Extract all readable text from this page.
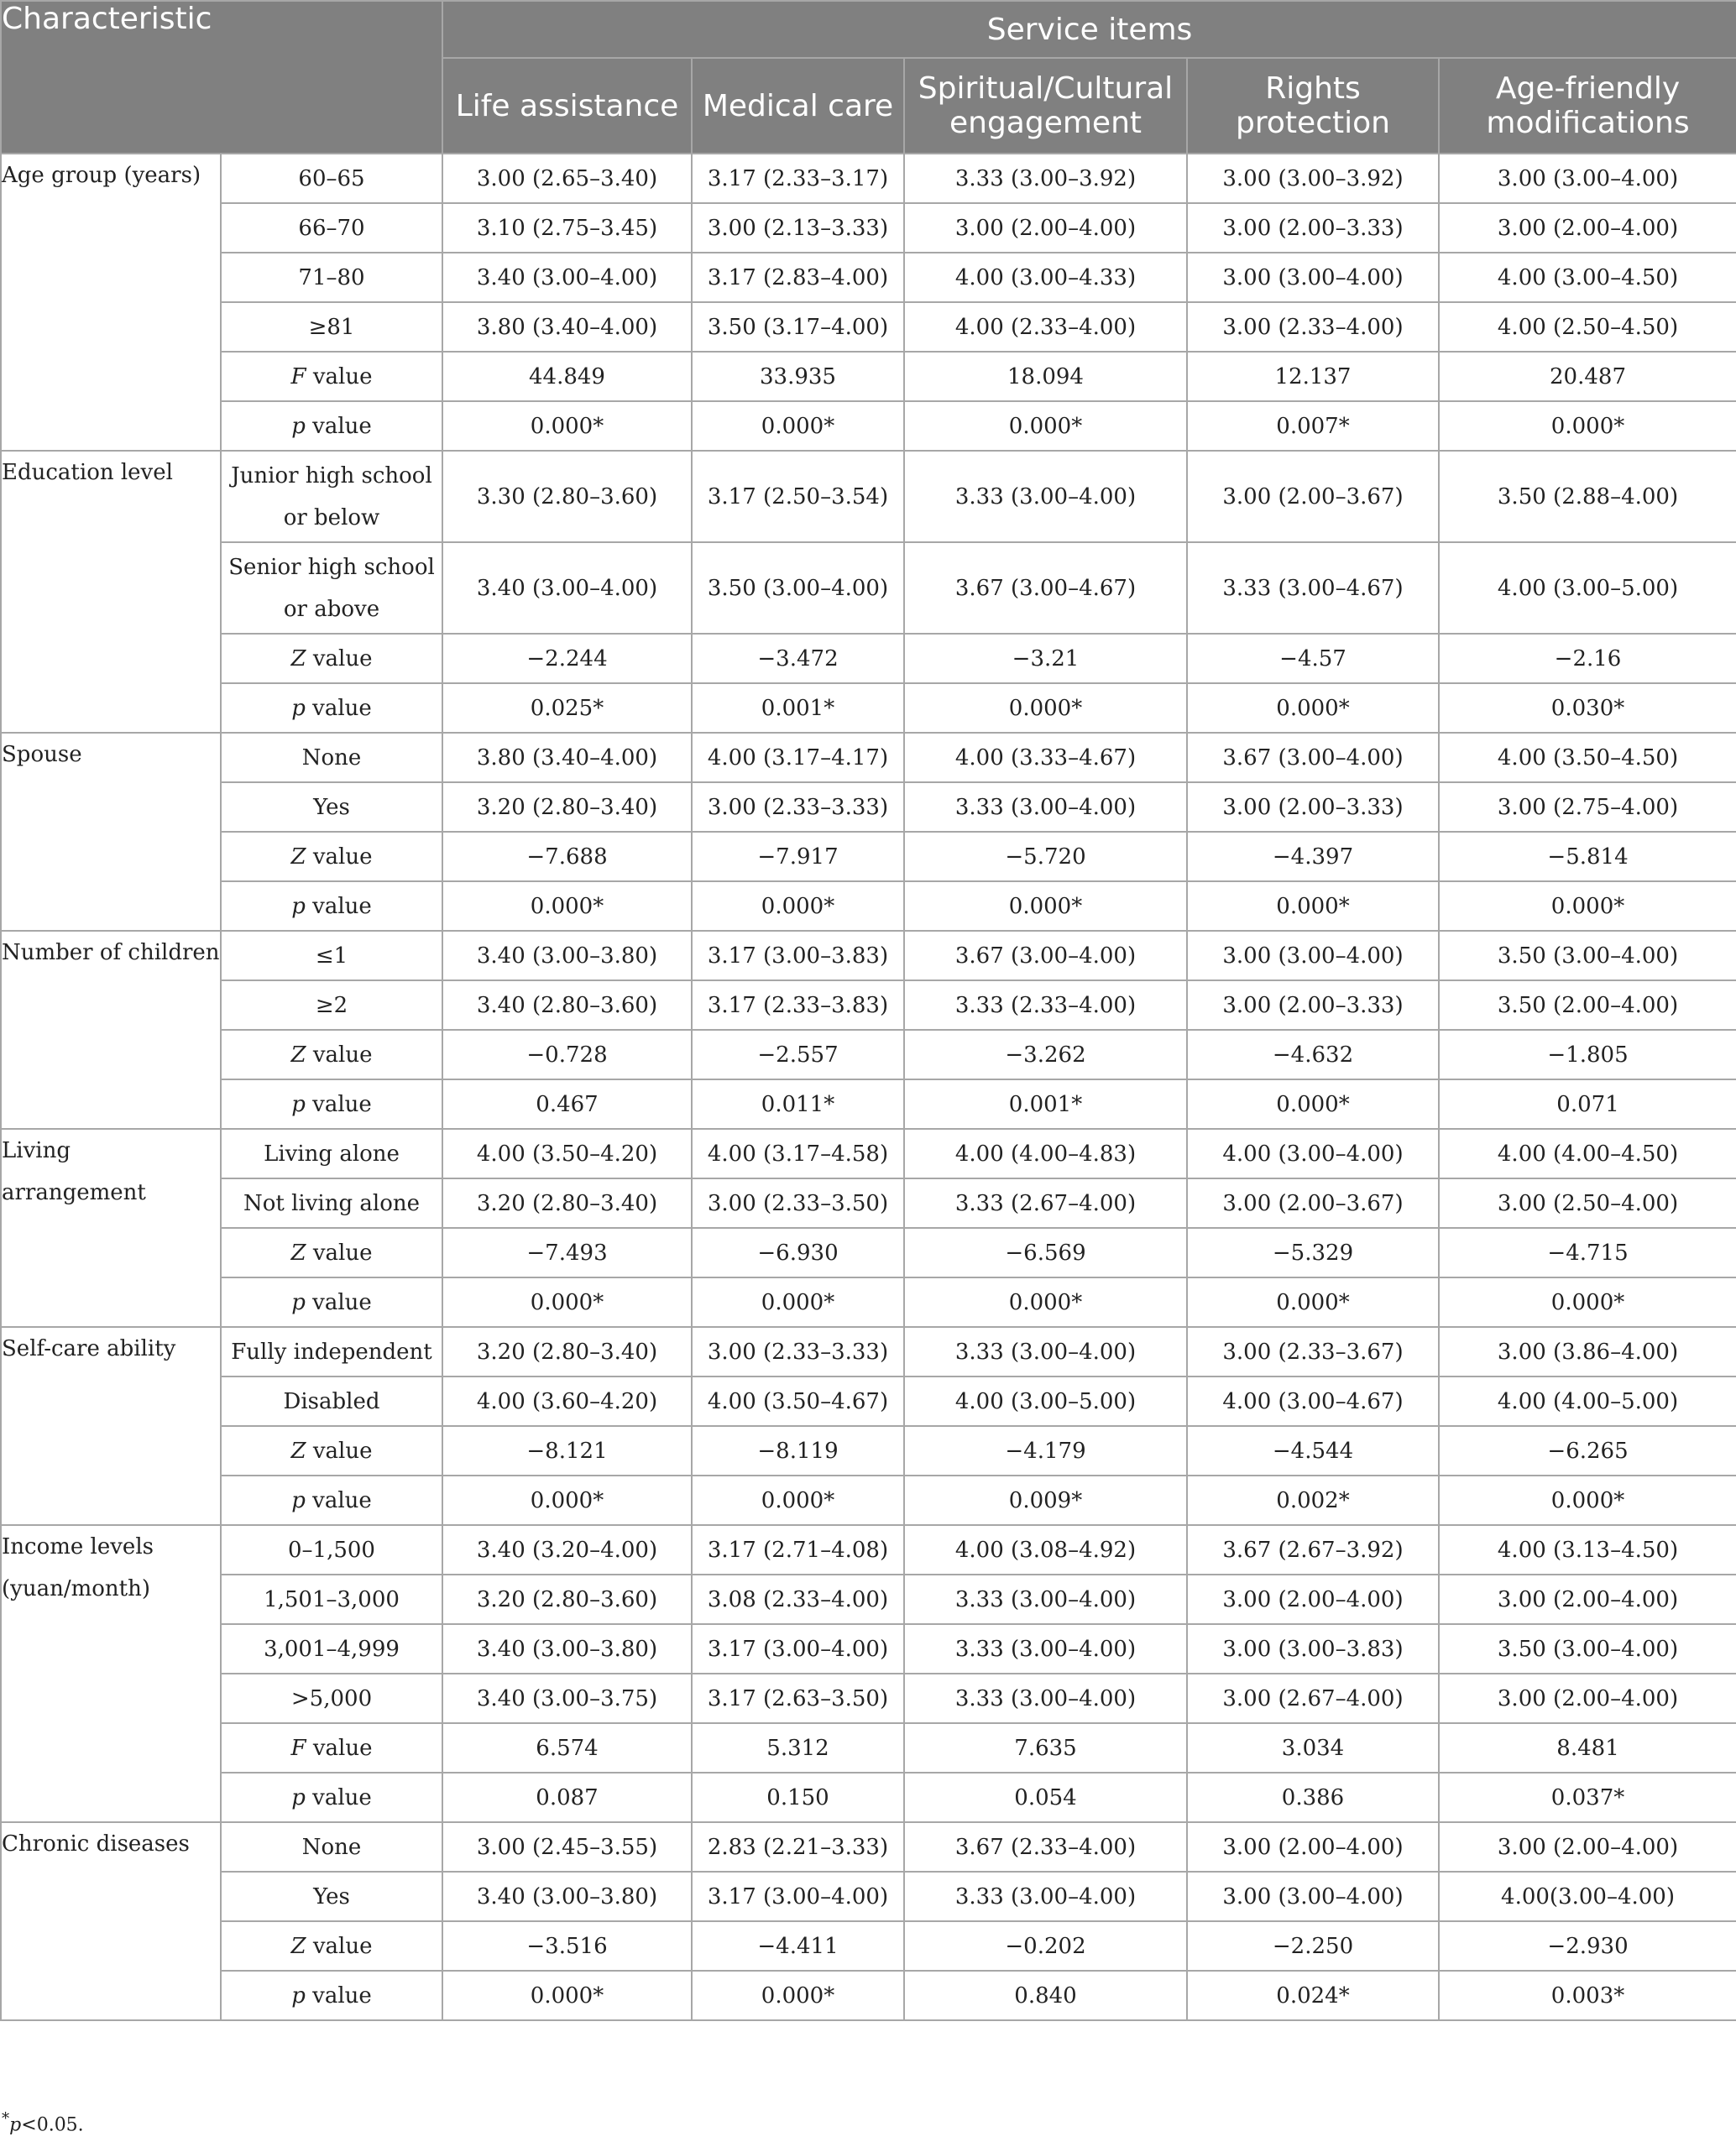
Characteristic		Service items				
		Life assistance	Medical care	Spiritual/Cultural engagement	Rights protection	Age-friendly modifications
Age group (years)	60–65	3.00 (2.65–3.40)	3.17 (2.33–3.17)	3.33 (3.00–3.92)	3.00 (3.00–3.92)	3.00 (3.00–4.00)
	66–70	3.10 (2.75–3.45)	3.00 (2.13–3.33)	3.00 (2.00–4.00)	3.00 (2.00–3.33)	3.00 (2.00–4.00)
	71–80	3.40 (3.00–4.00)	3.17 (2.83–4.00)	4.00 (3.00–4.33)	3.00 (3.00–4.00)	4.00 (3.00–4.50)
	≥81	3.80 (3.40–4.00)	3.50 (3.17–4.00)	4.00 (2.33–4.00)	3.00 (2.33–4.00)	4.00 (2.50–4.50)
	F value	44.849	33.935	18.094	12.137	20.487
	p value	0.000*	0.000*	0.000*	0.007*	0.000*
Education level	Junior high school or below	3.30 (2.80–3.60)	3.17 (2.50–3.54)	3.33 (3.00–4.00)	3.00 (2.00–3.67)	3.50 (2.88–4.00)
	Senior high school or above	3.40 (3.00–4.00)	3.50 (3.00–4.00)	3.67 (3.00–4.67)	3.33 (3.00–4.67)	4.00 (3.00–5.00)
	Z value	−2.244	−3.472	−3.21	−4.57	−2.16
	p value	0.025*	0.001*	0.000*	0.000*	0.030*
Spouse	None	3.80 (3.40–4.00)	4.00 (3.17–4.17)	4.00 (3.33–4.67)	3.67 (3.00–4.00)	4.00 (3.50–4.50)
	Yes	3.20 (2.80–3.40)	3.00 (2.33–3.33)	3.33 (3.00–4.00)	3.00 (2.00–3.33)	3.00 (2.75–4.00)
	Z value	−7.688	−7.917	−5.720	−4.397	−5.814
	p value	0.000*	0.000*	0.000*	0.000*	0.000*
Number of children	≤1	3.40 (3.00–3.80)	3.17 (3.00–3.83)	3.67 (3.00–4.00)	3.00 (3.00–4.00)	3.50 (3.00–4.00)
	≥2	3.40 (2.80–3.60)	3.17 (2.33–3.83)	3.33 (2.33–4.00)	3.00 (2.00–3.33)	3.50 (2.00–4.00)
	Z value	−0.728	−2.557	−3.262	−4.632	−1.805
	p value	0.467	0.011*	0.001*	0.000*	0.071
Living arrangement	Living alone	4.00 (3.50–4.20)	4.00 (3.17–4.58)	4.00 (4.00–4.83)	4.00 (3.00–4.00)	4.00 (4.00–4.50)
	Not living alone	3.20 (2.80–3.40)	3.00 (2.33–3.50)	3.33 (2.67–4.00)	3.00 (2.00–3.67)	3.00 (2.50–4.00)
	Z value	−7.493	−6.930	−6.569	−5.329	−4.715
	p value	0.000*	0.000*	0.000*	0.000*	0.000*
Self-care ability	Fully independent	3.20 (2.80–3.40)	3.00 (2.33–3.33)	3.33 (3.00–4.00)	3.00 (2.33–3.67)	3.00 (3.86–4.00)
	Disabled	4.00 (3.60–4.20)	4.00 (3.50–4.67)	4.00 (3.00–5.00)	4.00 (3.00–4.67)	4.00 (4.00–5.00)
	Z value	−8.121	−8.119	−4.179	−4.544	−6.265
	p value	0.000*	0.000*	0.009*	0.002*	0.000*
Income levels (yuan/month)	0–1,500	3.40 (3.20–4.00)	3.17 (2.71–4.08)	4.00 (3.08–4.92)	3.67 (2.67–3.92)	4.00 (3.13–4.50)
	1,501–3,000	3.20 (2.80–3.60)	3.08 (2.33–4.00)	3.33 (3.00–4.00)	3.00 (2.00–4.00)	3.00 (2.00–4.00)
	3,001–4,999	3.40 (3.00–3.80)	3.17 (3.00–4.00)	3.33 (3.00–4.00)	3.00 (3.00–3.83)	3.50 (3.00–4.00)
	>5,000	3.40 (3.00–3.75)	3.17 (2.63–3.50)	3.33 (3.00–4.00)	3.00 (2.67–4.00)	3.00 (2.00–4.00)
	F value	6.574	5.312	7.635	3.034	8.481
	p value	0.087	0.150	0.054	0.386	0.037*
Chronic diseases	None	3.00 (2.45–3.55)	2.83 (2.21–3.33)	3.67 (2.33–4.00)	3.00 (2.00–4.00)	3.00 (2.00–4.00)
	Yes	3.40 (3.00–3.80)	3.17 (3.00–4.00)	3.33 (3.00–4.00)	3.00 (3.00–4.00)	4.00(3.00–4.00)
	Z value	−3.516	−4.411	−0.202	−2.250	−2.930
	p value	0.000*	0.000*	0.840	0.024*	0.003*
*p<0.05.
